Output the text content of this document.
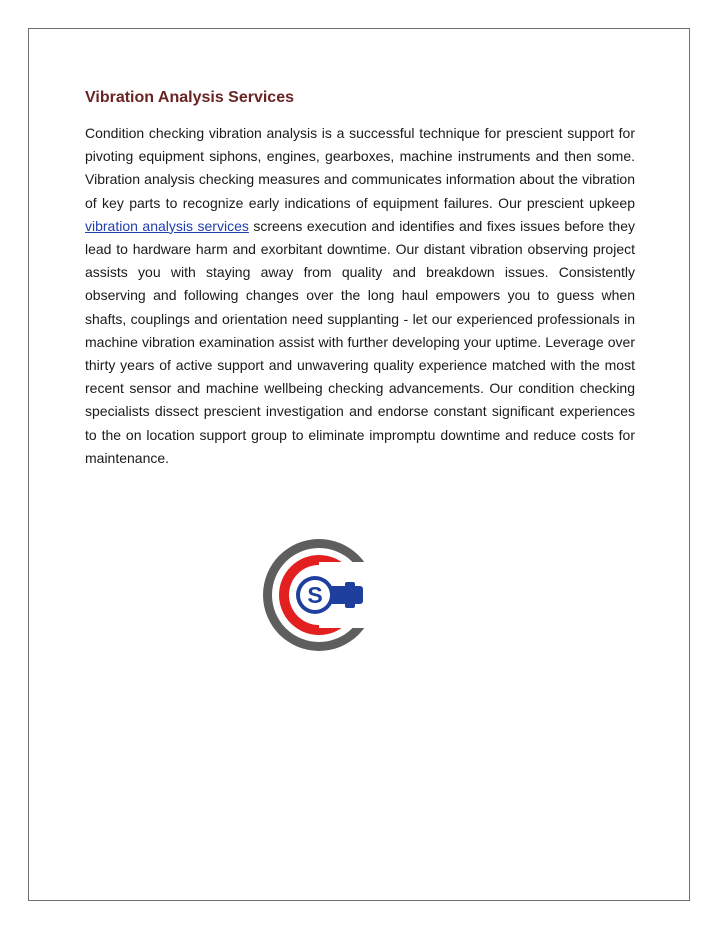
Vibration Analysis Services

Condition checking vibration analysis is a successful technique for prescient support for pivoting equipment siphons, engines, gearboxes, machine instruments and then some. Vibration analysis checking measures and communicates information about the vibration of key parts to recognize early indications of equipment failures. Our prescient upkeep vibration analysis services screens execution and identifies and fixes issues before they lead to hardware harm and exorbitant downtime. Our distant vibration observing project assists you with staying away from quality and breakdown issues. Consistently observing and following changes over the long haul empowers you to guess when shafts, couplings and orientation need supplanting - let our experienced professionals in machine vibration examination assist with further developing your uptime. Leverage over thirty years of active support and unwavering quality experience matched with the most recent sensor and machine wellbeing checking advancements. Our condition checking specialists dissect prescient investigation and endorse constant significant experiences to the on location support group to eliminate impromptu downtime and reduce costs for maintenance.

S
